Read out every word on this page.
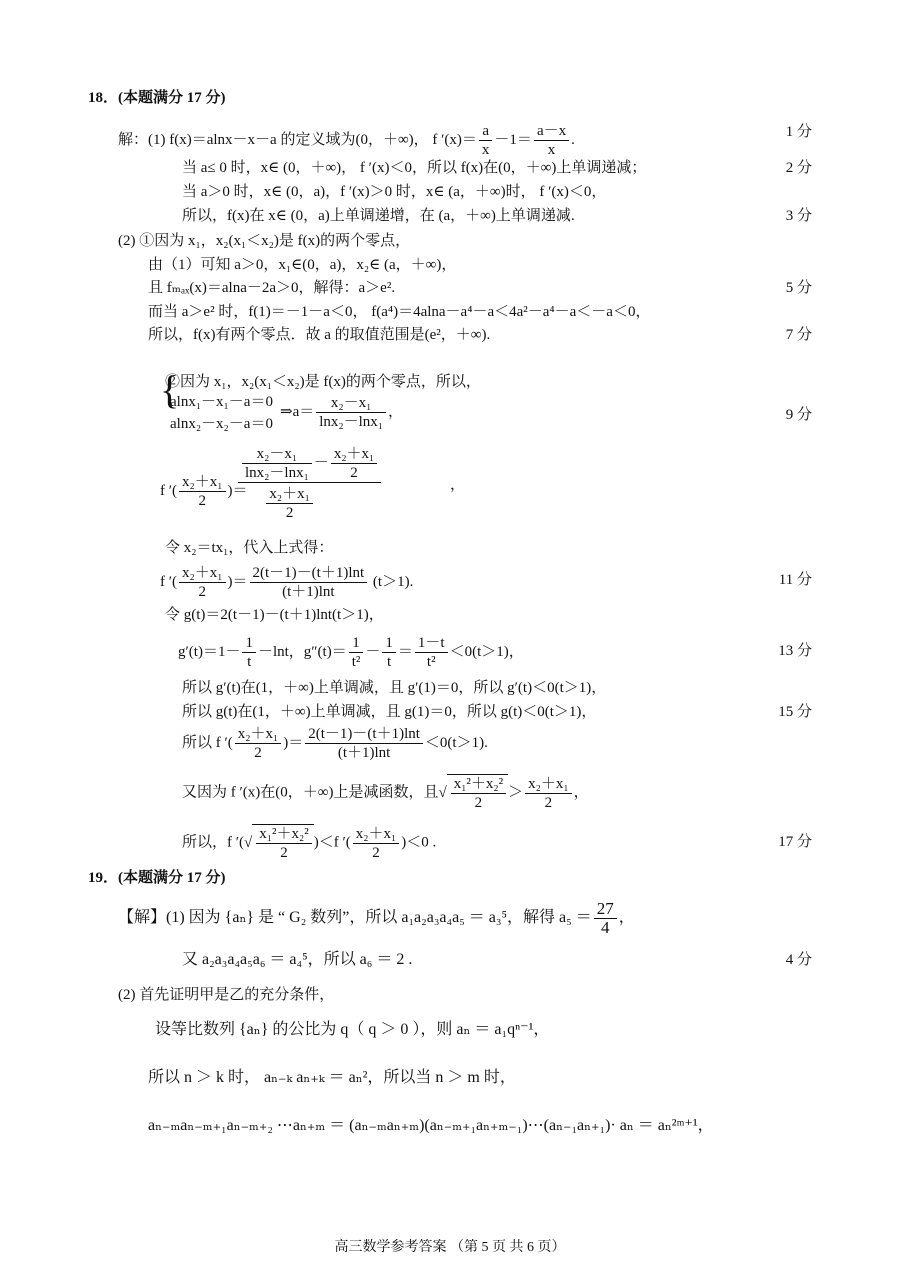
18．(本题满分 17 分)
解：(1) f(x)＝alnx－x－a 的定义域为(0，＋∞)， f $'(x)= \frac{a}{x} -1= \frac{a-x}{x}$ .	1 分
当 a≤ 0 时，x∈ (0，＋∞)， f ′(x)＜0，所以 f(x)在(0，＋∞)上单调递减；	2 分
当 a＞0 时，x∈ (0，a)，f ′(x)＞0 时，x∈ (a，＋∞)时， f ′(x)＜0，
所以，f(x)在 x∈ (0，a)上单调递增，在 (a，＋∞)上单调递减.	3 分
(2) ①因为 x₁，x₂(x₁＜x₂)是 f(x)的两个零点，
由（1）可知 a＞0，x₁∈(0，a)，x₂∈ (a，＋∞)，
且 fₘₐₓ(x)＝alna－2a＞0，解得：a＞e².	5 分
而当 a＞e² 时，f(1)＝－1－a＜0， f(a⁴)＝4alna－a⁴－a＜4a²－a⁴－a＜－a＜0，
所以，f(x)有两个零点．故 a 的取值范围是(e²，＋∞).	7 分
②因为 x₁，x₂(x₁＜x₂)是 f(x)的两个零点，所以，
{
alnx₁－x₁－a＝0
alnx₂－x₂－a＝0
⇒a＝ $\frac{\text{x₂－x₁}}{\text{lnx₂－lnx₁}}$ ，	9 分
f ′( $\frac{\text{x₂＋x₁}}{2}$ )＝
$\frac{\text{x₂－x₁}}{\text{lnx₂－lnx₁}} - \frac{\text{x₂＋x₁}}{2}$
$\frac{\text{x₂＋x₁}}{2}$	，
令 x₂＝tx₁，代入上式得：
f ′( $\frac{\text{x₂＋x₁}}{2}$ )＝ $\frac{2(t-1)-(t+1)\ln t}{(t+1)\ln t} (t>1)$.	11 分
令 g(t)＝2(t－1)－(t＋1)lnt(t＞1)，
$g'(t)=1- \frac{1}{t} -\ln t$，$g''(t)= \frac{1}{\text{t²}} - \frac{1}{t} = \frac{1-t}{\text{t²}} <0(t>1)$，	13 分
所以 g′(t)在(1，＋∞)上单调减，且 g′(1)＝0，所以 g′(t)＜0(t＞1)，
所以 g(t)在(1，＋∞)上单调减，且 g(1)＝0，所以 g(t)＜0(t＞1)，	15 分
所以 f ′( $\frac{\text{x₂＋x₁}}{2}$ )＝ $\frac{2(t-1)-(t+1)\ln t}{(t+1)\ln t} <0(t>1)$.
又因为 f ′(x)在(0，＋∞)上是减函数，且√ $\frac{\text{x₁²＋x₂²}}{2} > \frac{\text{x₂＋x₁}}{2}$ ，
所以，f ′(√ $\frac{\text{x₁²＋x₂²}}{2} )<f$ ′( $\frac{\text{x₂＋x₁}}{2} )<0$ .	17 分
19．(本题满分 17 分)
【解】(1) 因为 {aₙ} 是 “ G₂ 数列”，所以 a₁a₂a₃a₄a₅ ＝ a₃⁵，解得 $a_5 = \frac{27}{4}$ ，
又 a₂a₃a₄a₅a₆ ＝ a₄⁵，所以 a₆ ＝ 2 .	4 分
(2) 首先证明甲是乙的充分条件，
设等比数列 {aₙ} 的公比为 q（ q ＞ 0 ），则 aₙ ＝ a₁qⁿ⁻¹，
所以 n ＞ k 时， aₙ₋ₖ aₙ₊ₖ ＝ aₙ²，所以当 n ＞ m 时，
aₙ₋ₘaₙ₋ₘ₊₁aₙ₋ₘ₊₂ ⋯aₙ₊ₘ ＝ (aₙ₋ₘaₙ₊ₘ)(aₙ₋ₘ₊₁aₙ₊ₘ₋₁)⋯(aₙ₋₁aₙ₊₁)· aₙ ＝ aₙ²ᵐ⁺¹，
高三数学参考答案 （第 5 页 共 6 页）
